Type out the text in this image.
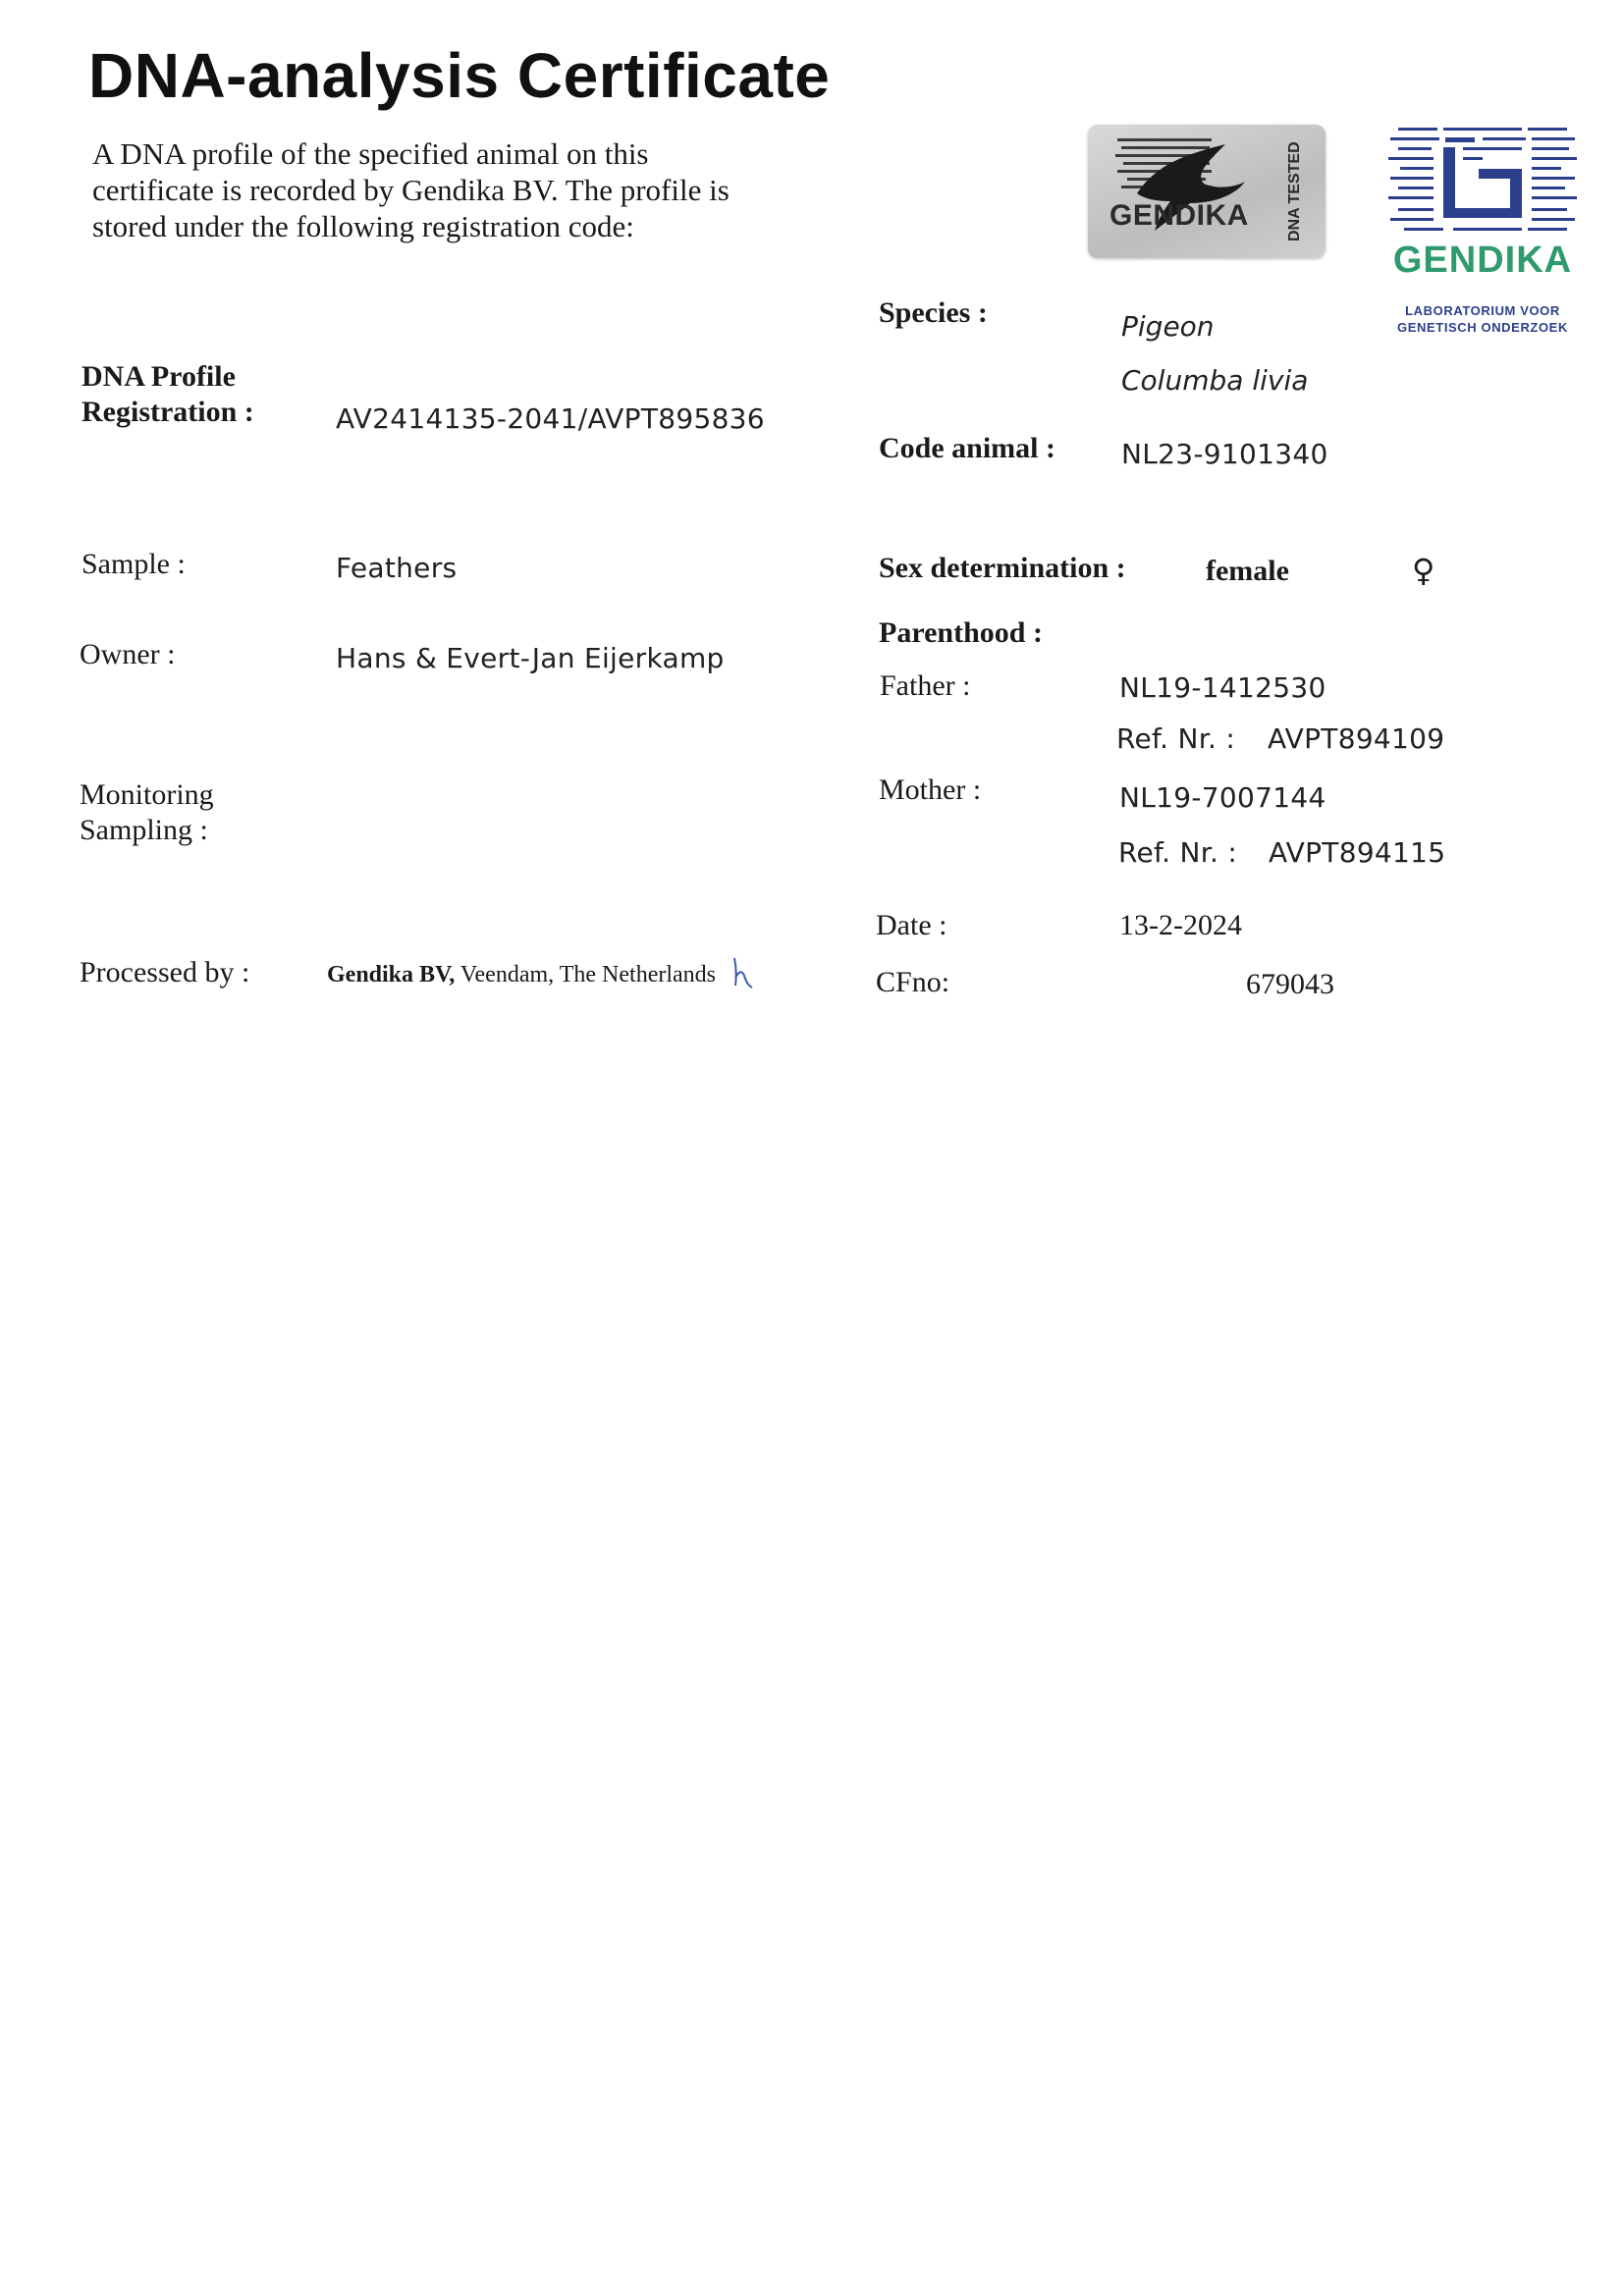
DNA-analysis Certificate
A DNA profile of the specified animal on this certificate is recorded by Gendika BV. The profile is stored under the following registration code:	GENDIKA DNA TESTED
GENDIKA
LABORATORIUM VOOR GENETISCH ONDERZOEK
DNA Profile Registration :	AV2414135-2041/AVPT895836
Sample :	Feathers
Owner :	Hans & Evert-Jan Eijerkamp
Monitoring Sampling :
Processed by :	Gendika BV, Veendam, The Netherlands
Species :	Pigeon
Columba livia
Code animal : NL23-9101340
Sex determination :	female	♀
Parenthood :
Father :	NL19-1412530
Ref. Nr. : AVPT894109
Mother :	NL19-7007144
Ref. Nr. : AVPT894115
Date :	13-2-2024
CFno:	679043
